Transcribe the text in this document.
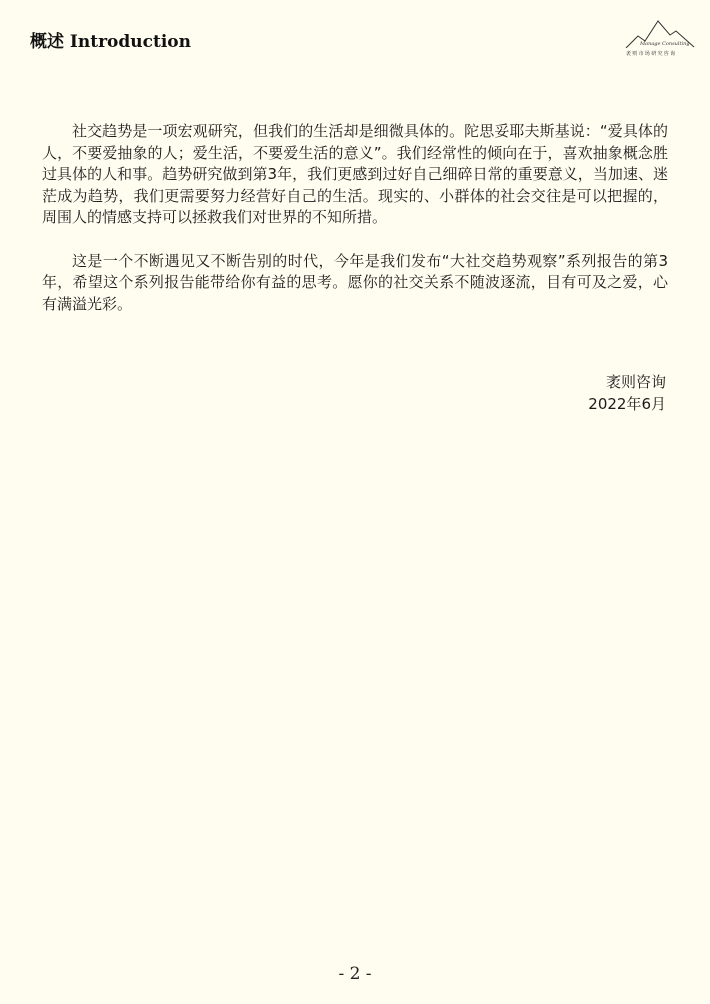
概述 Introduction	Manage Consulting
袤则市场研究咨询

社交趋势是一项宏观研究，但我们的生活却是细微具体的。陀思妥耶夫斯基说：“爱具体的人，不要爱抽象的人；爱生活，不要爱生活的意义”。我们经常性的倾向在于，喜欢抽象概念胜过具体的人和事。趋势研究做到第3年，我们更感到过好自己细碎日常的重要意义，当加速、迷茫成为趋势，我们更需要努力经营好自己的生活。现实的、小群体的社会交往是可以把握的，周围人的情感支持可以拯救我们对世界的不知所措。

这是一个不断遇见又不断告别的时代，今年是我们发布“大社交趋势观察”系列报告的第3年，希望这个系列报告能带给你有益的思考。愿你的社交关系不随波逐流，目有可及之爱，心有满溢光彩。

袤则咨询
2022年6月
- 2 -
